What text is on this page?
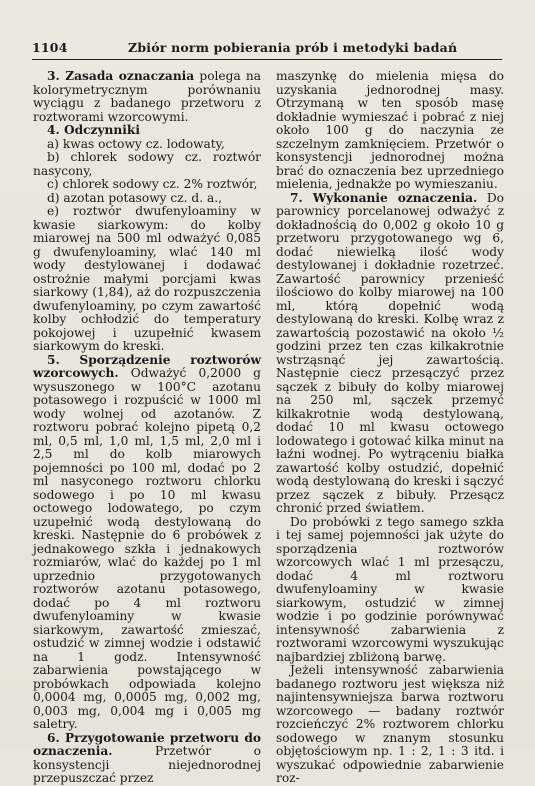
1104	Zbiór norm pobierania prób i metodyki badań

3. Zasada oznaczania polega na kolorymetrycznym porównaniu wyciągu z badanego przetworu z roztworami wzorcowymi.

4. Odczynniki

a) kwas octowy cz. lodowaty,

b) chlorek sodowy cz. roztwór nasycony,

c) chlorek sodowy cz. 2% roztwór,

d) azotan potasowy cz. d. a.,

e) roztwór dwufenyloaminy w kwasie siarkowym: do kolby miarowej na 500 ml odważyć 0,085 g dwufenyloaminy, wlać 140 ml wody destylowanej i dodawać ostrożnie małymi porcjami kwas siarkowy (1,84), aż do rozpuszczenia dwufenyloaminy, po czym zawartość kolby ochłodzić do temperatury pokojowej i uzupełnić kwasem siarkowym do kreski.

5. Sporządzenie roztworów wzorcowych. Odważyć 0,2000 g wysuszonego w 100°C azotanu potasowego i rozpuścić w 1000 ml wody wolnej od azotanów. Z roztworu pobrać kolejno pipetą 0,2 ml, 0,5 ml, 1,0 ml, 1,5 ml, 2,0 ml i 2,5 ml do kolb miarowych pojemności po 100 ml, dodać po 2 ml nasyconego roztworu chlorku sodowego i po 10 ml kwasu octowego lodowatego, po czym uzupełnić wodą destylowaną do kreski. Następnie do 6 probówek z jednakowego szkła i jednakowych rozmiarów, wlać do każdej po 1 ml uprzednio przygotowanych roztworów azotanu potasowego, dodać po 4 ml roztworu dwufenyloaminy w kwasie siarkowym, zawartość zmieszać, ostudzić w zimnej wodzie i odstawić na 1 godz. Intensywność zabarwienia powstającego w probówkach odpowiada kolejno 0,0004 mg, 0,0005 mg, 0,002 mg, 0,003 mg, 0,004 mg i 0,005 mg saletry.

6. Przygotowanie przetworu do oznaczenia. Przetwór o konsystencji niejednorodnej przepuszczać przez

maszynkę do mielenia mięsa do uzyskania jednorodnej masy. Otrzymaną w ten sposób masę dokładnie wymieszać i pobrać z niej około 100 g do naczynia ze szczelnym zamknięciem. Przetwór o konsystencji jednorodnej można brać do oznaczenia bez uprzedniego mielenia, jednakże po wymieszaniu.

7. Wykonanie oznaczenia. Do parownicy porcelanowej odważyć z dokładnością do 0,002 g około 10 g przetworu przygotowanego wg 6, dodać niewielką ilość wody destylowanej i dokładnie rozetrzeć. Zawartość parownicy przenieść ilościowo do kolby miarowej na 100 ml, którą dopełnić wodą destylowaną do kreski. Kolbę wraz z zawartością pozostawić na około ½ godzini przez ten czas kilkakrotnie wstrząsnąć jej zawartością. Następnie ciecz przesączyć przez sączek z bibuły do kolby miarowej na 250 ml, sączek przemyć kilkakrotnie wodą destylowaną, dodać 10 ml kwasu octowego lodowatego i gotować kilka minut na łaźni wodnej. Po wytrąceniu białka zawartość kolby ostudzić, dopełnić wodą destylowaną do kreski i sączyć przez sączek z bibuły. Przesącz chronić przed światłem.

Do probówki z tego samego szkła i tej samej pojemności jak użyte do sporządzenia roztworów wzorcowych wlać 1 ml przesączu, dodać 4 ml roztworu dwufenyloaminy w kwasie siarkowym, ostudzić w zimnej wodzie i po godzinie porównywać intensywność zabarwienia z roztworami wzorcowymi wyszukując najbardziej zbliżoną barwę.

Jeżeli intensywność zabarwienia badanego roztworu jest większa niż najintensywniejsza barwa roztworu wzorcowego — badany roztwór rozcieńczyć 2% roztworem chlorku sodowego w znanym stosunku objętościowym np. 1 : 2, 1 : 3 itd. i wyszukać odpowiednie zabarwienie roz-
